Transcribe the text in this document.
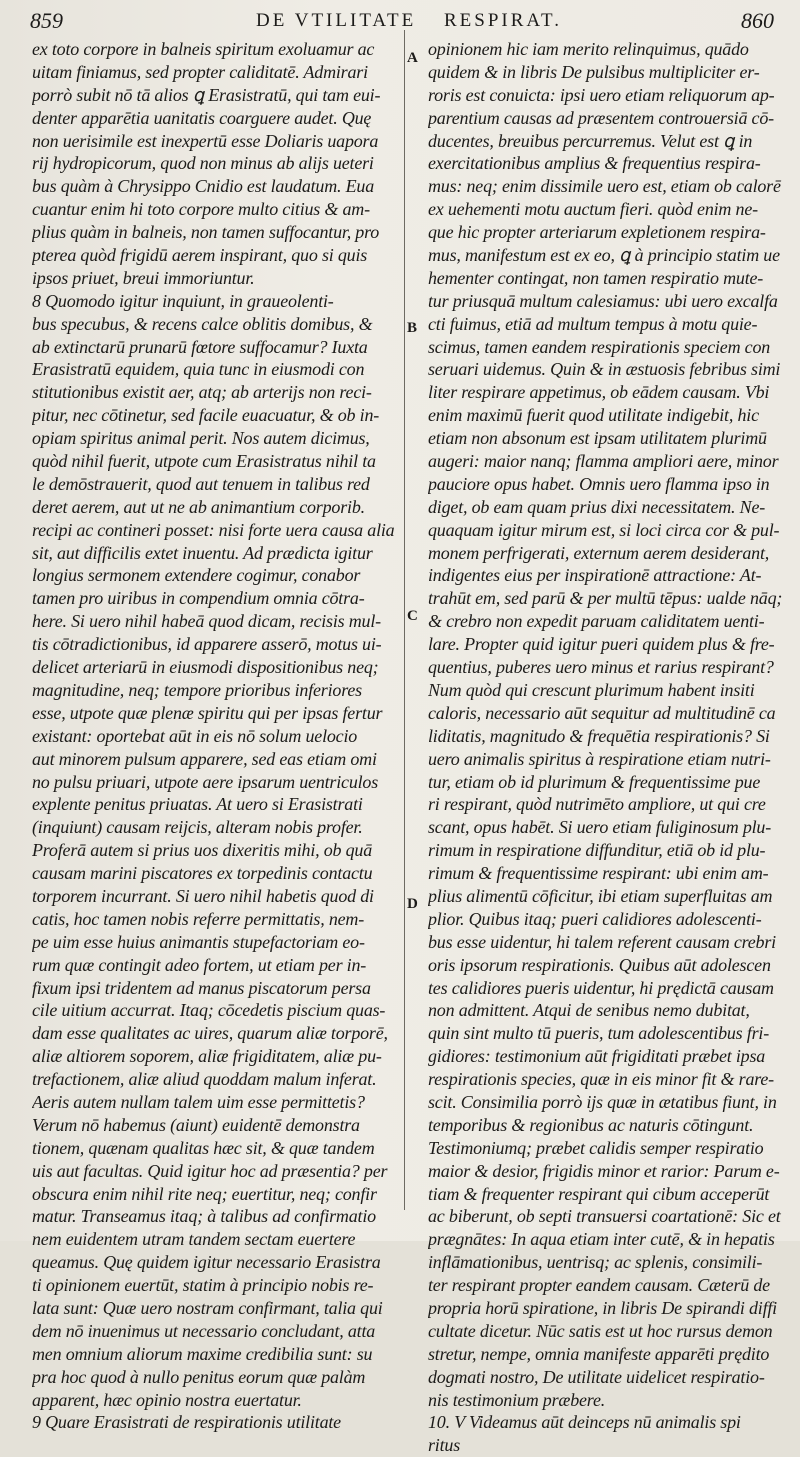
859	DE VTILITATE RESPIRAT.	860
A
B
C
D
ex toto corpore in balneis spiritum exoluamur ac
uitam finiamus, sed propter caliditatē. Admirari
porrò subit nō tā alios ꝗ Erasistratū, qui tam eui-
denter apparētia uanitatis coarguere audet. Quę
non uerisimile est inexpertū esse Doliaris uapora
rij hydropicorum, quod non minus ab alijs ueteri
bus quàm à Chrysippo Cnidio est laudatum. Eua
cuantur enim hi toto corpore multo citius & am-
plius quàm in balneis, non tamen suffocantur, pro
pterea quòd frigidū aerem inspirant, quo si quis
ipsos priuet, breui immoriuntur.
8 Quomodo igitur inquiunt, in graueolenti-
bus specubus, & recens calce oblitis domibus, &
ab extinctarū prunarū fœtore suffocamur? Iuxta
Erasistratū equidem, quia tunc in eiusmodi con
stitutionibus existit aer, atq; ab arterijs non reci-
pitur, nec cōtinetur, sed facile euacuatur, & ob in-
opiam spiritus animal perit. Nos autem dicimus,
quòd nihil fuerit, utpote cum Erasistratus nihil ta
le demōstrauerit, quod aut tenuem in talibus red
deret aerem, aut ut ne ab animantium corporib.
recipi ac contineri posset: nisi forte uera causa alia
sit, aut difficilis extet inuentu. Ad prædicta igitur
longius sermonem extendere cogimur, conabor
tamen pro uiribus in compendium omnia cōtra-
here. Si uero nihil habeā quod dicam, recisis mul-
tis cōtradictionibus, id apparere asserō, motus ui-
delicet arteriarū in eiusmodi dispositionibus neq;
magnitudine, neq; tempore prioribus inferiores
esse, utpote quæ plenæ spiritu qui per ipsas fertur
existant: oportebat aūt in eis nō solum uelocio
aut minorem pulsum apparere, sed eas etiam omi
no pulsu priuari, utpote aere ipsarum uentriculos
explente penitus priuatas. At uero si Erasistrati
(inquiunt) causam reijcis, alteram nobis profer.
Proferā autem si prius uos dixeritis mihi, ob quā
causam marini piscatores ex torpedinis contactu
torporem incurrant. Si uero nihil habetis quod di
catis, hoc tamen nobis referre permittatis, nem-
pe uim esse huius animantis stupefactoriam eo-
rum quæ contingit adeo fortem, ut etiam per in-
fixum ipsi tridentem ad manus piscatorum persa
cile uitium accurrat. Itaq; cōcedetis piscium quas-
dam esse qualitates ac uires, quarum aliæ torporē,
aliæ altiorem soporem, aliæ frigiditatem, aliæ pu-
trefactionem, aliæ aliud quoddam malum inferat.
Aeris autem nullam talem uim esse permittetis?
Verum nō habemus (aiunt) euidentē demonstra
tionem, quænam qualitas hæc sit, & quæ tandem
uis aut facultas. Quid igitur hoc ad præsentia? per
obscura enim nihil rite neq; euertitur, neq; confir
matur. Transeamus itaq; à talibus ad confirmatio
nem euidentem utram tandem sectam euertere
queamus. Quę quidem igitur necessario Erasistra
ti opinionem euertūt, statim à principio nobis re-
lata sunt: Quæ uero nostram confirmant, talia qui
dem nō inuenimus ut necessario concludant, atta
men omnium aliorum maxime credibilia sunt: su
pra hoc quod à nullo penitus eorum quæ palàm
apparent, hæc opinio nostra euertatur.
9 Quare Erasistrati de respirationis utilitate
opinionem hic iam merito relinquimus, quādo
quidem & in libris De pulsibus multipliciter er-
roris est conuicta: ipsi uero etiam reliquorum ap-
parentium causas ad præsentem controuersiā cō-
ducentes, breuibus percurremus. Velut est ꝗ in
exercitationibus amplius & frequentius respira-
mus: neq; enim dissimile uero est, etiam ob calorē
ex uehementi motu auctum fieri. quòd enim ne-
que hic propter arteriarum expletionem respira-
mus, manifestum est ex eo, ꝗ à principio statim ue
hementer contingat, non tamen respiratio mute-
tur priusquā multum calesiamus: ubi uero excalfa
cti fuimus, etiā ad multum tempus à motu quie-
scimus, tamen eandem respirationis speciem con
seruari uidemus. Quin & in æstuosis febribus simi
liter respirare appetimus, ob eādem causam. Vbi
enim maximū fuerit quod utilitate indigebit, hic
etiam non absonum est ipsam utilitatem plurimū
augeri: maior nanq; flamma ampliori aere, minor
pauciore opus habet. Omnis uero flamma ipso in
diget, ob eam quam prius dixi necessitatem. Ne-
quaquam igitur mirum est, si loci circa cor & pul-
monem perfrigerati, externum aerem desiderant,
indigentes eius per inspirationē attractione: At-
trahūt em, sed parū & per multū tēpus: ualde nāq;
& crebro non expedit paruam caliditatem uenti-
lare. Propter quid igitur pueri quidem plus & fre-
quentius, puberes uero minus et rarius respirant?
Num quòd qui crescunt plurimum habent insiti
caloris, necessario aūt sequitur ad multitudinē ca
liditatis, magnitudo & frequētia respirationis? Si
uero animalis spiritus à respiratione etiam nutri-
tur, etiam ob id plurimum & frequentissime pue
ri respirant, quòd nutrimēto ampliore, ut qui cre
scant, opus habēt. Si uero etiam fuliginosum plu-
rimum in respiratione diffunditur, etiā ob id plu-
rimum & frequentissime respirant: ubi enim am-
plius alimentū cōficitur, ibi etiam superfluitas am
plior. Quibus itaq; pueri calidiores adolescenti-
bus esse uidentur, hi talem referent causam crebri
oris ipsorum respirationis. Quibus aūt adolescen
tes calidiores pueris uidentur, hi prędictā causam
non admittent. Atqui de senibus nemo dubitat,
quin sint multo tū pueris, tum adolescentibus fri-
gidiores: testimonium aūt frigiditati præbet ipsa
respirationis species, quæ in eis minor fit & rare-
scit. Consimilia porrò ijs quæ in ætatibus fiunt, in
temporibus & regionibus ac naturis cōtingunt.
Testimoniumq; præbet calidis semper respiratio
maior & desior, frigidis minor et rarior: Parum e-
tiam & frequenter respirant qui cibum acceperūt
ac biberunt, ob septi transuersi coartationē: Sic et
prægnātes: In aqua etiam inter cutē, & in hepatis
inflāmationibus, uentrisq; ac splenis, consimili-
ter respirant propter eandem causam. Cæterū de
propria horū spiratione, in libris De spirandi diffi
cultate dicetur. Nūc satis est ut hoc rursus demon
stretur, nempe, omnia manifeste apparēti prędito
dogmati nostro, De utilitate uidelicet respiratio-
nis testimonium præbere.
10. V Videamus aūt deinceps nū animalis spi
ritus
